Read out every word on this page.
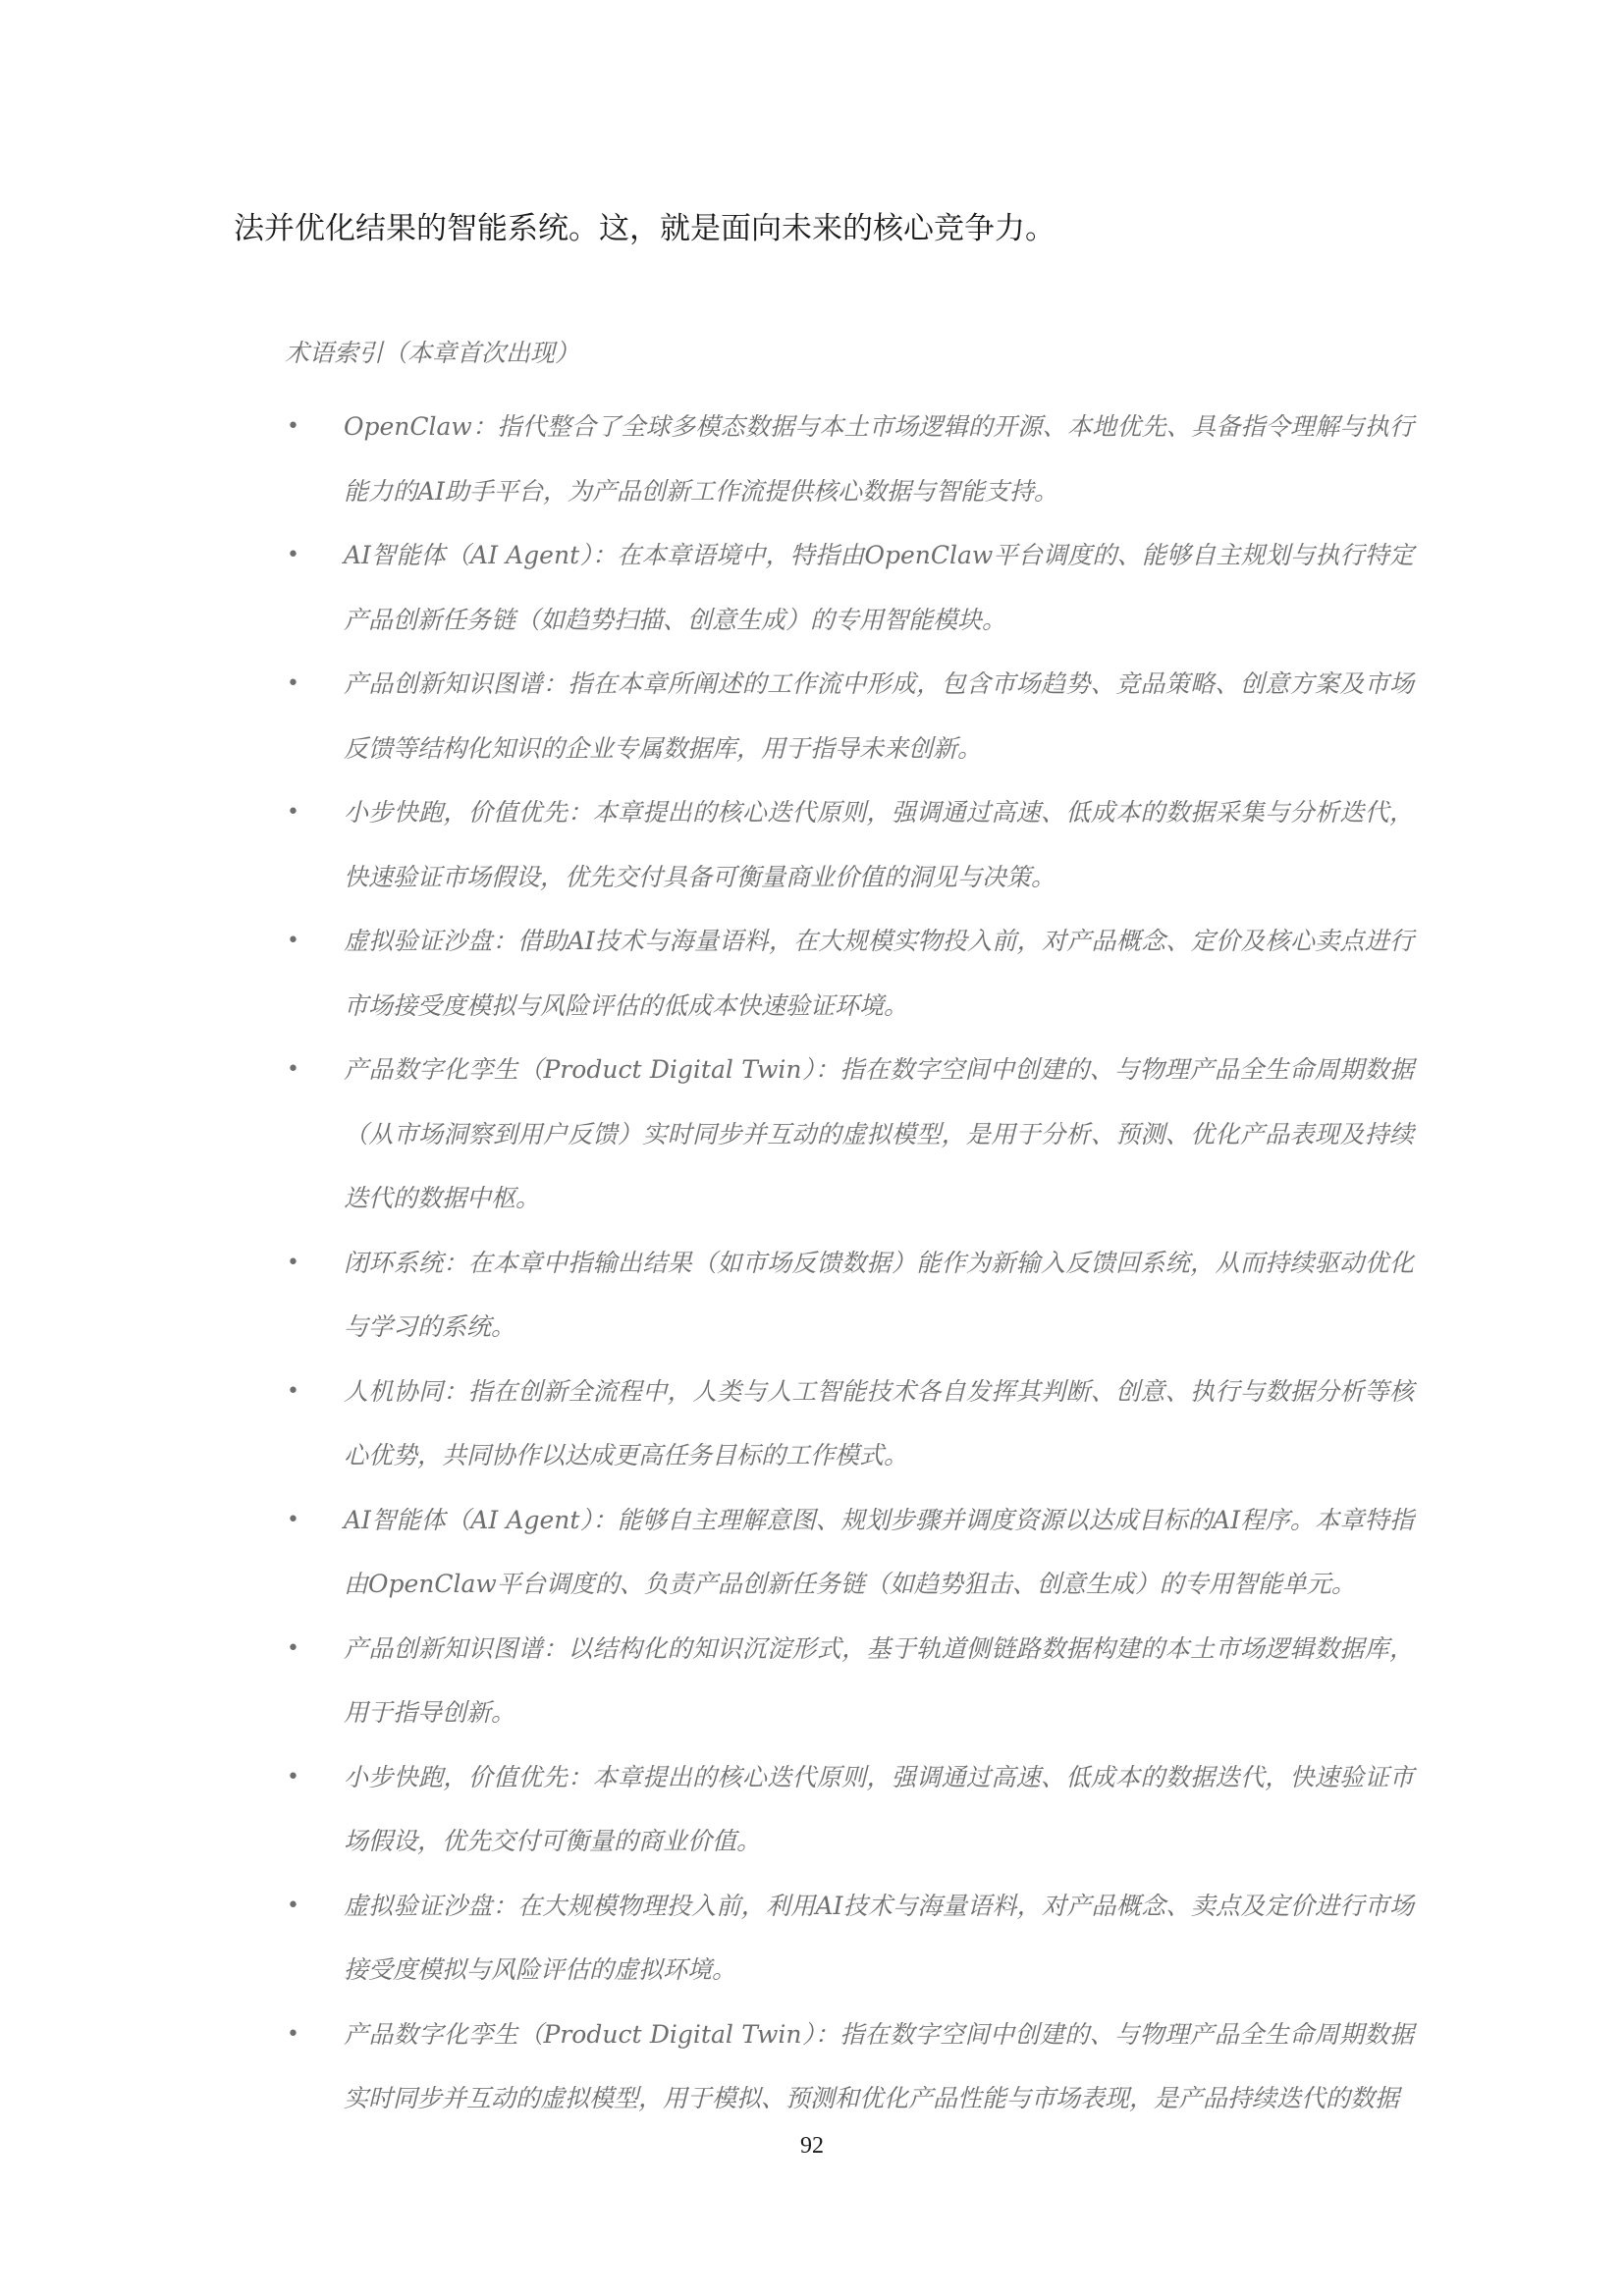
法并优化结果的智能系统。这，就是面向未来的核心竞争力。

术语索引（本章首次出现）

• OpenClaw：指代整合了全球多模态数据与本土市场逻辑的开源、本地优先、具备指令理解与执行能力的AI助手平台，为产品创新工作流提供核心数据与智能支持。
• AI智能体（AI Agent）：在本章语境中，特指由OpenClaw平台调度的、能够自主规划与执行特定产品创新任务链（如趋势扫描、创意生成）的专用智能模块。
• 产品创新知识图谱：指在本章所阐述的工作流中形成，包含市场趋势、竞品策略、创意方案及市场反馈等结构化知识的企业专属数据库，用于指导未来创新。
• 小步快跑，价值优先：本章提出的核心迭代原则，强调通过高速、低成本的数据采集与分析迭代，快速验证市场假设，优先交付具备可衡量商业价值的洞见与决策。
• 虚拟验证沙盘：借助AI技术与海量语料，在大规模实物投入前，对产品概念、定价及核心卖点进行市场接受度模拟与风险评估的低成本快速验证环境。
• 产品数字化孪生（Product Digital Twin）：指在数字空间中创建的、与物理产品全生命周期数据（从市场洞察到用户反馈）实时同步并互动的虚拟模型，是用于分析、预测、优化产品表现及持续迭代的数据中枢。
• 闭环系统：在本章中指输出结果（如市场反馈数据）能作为新输入反馈回系统，从而持续驱动优化与学习的系统。
• 人机协同：指在创新全流程中，人类与人工智能技术各自发挥其判断、创意、执行与数据分析等核心优势，共同协作以达成更高任务目标的工作模式。
• AI智能体（AI Agent）：能够自主理解意图、规划步骤并调度资源以达成目标的AI程序。本章特指由OpenClaw平台调度的、负责产品创新任务链（如趋势狙击、创意生成）的专用智能单元。
• 产品创新知识图谱：以结构化的知识沉淀形式，基于轨道侧链路数据构建的本土市场逻辑数据库，用于指导创新。
• 小步快跑，价值优先：本章提出的核心迭代原则，强调通过高速、低成本的数据迭代，快速验证市场假设，优先交付可衡量的商业价值。
• 虚拟验证沙盘：在大规模物理投入前，利用AI技术与海量语料，对产品概念、卖点及定价进行市场接受度模拟与风险评估的虚拟环境。
• 产品数字化孪生（Product Digital Twin）：指在数字空间中创建的、与物理产品全生命周期数据实时同步并互动的虚拟模型，用于模拟、预测和优化产品性能与市场表现，是产品持续迭代的数据
92
